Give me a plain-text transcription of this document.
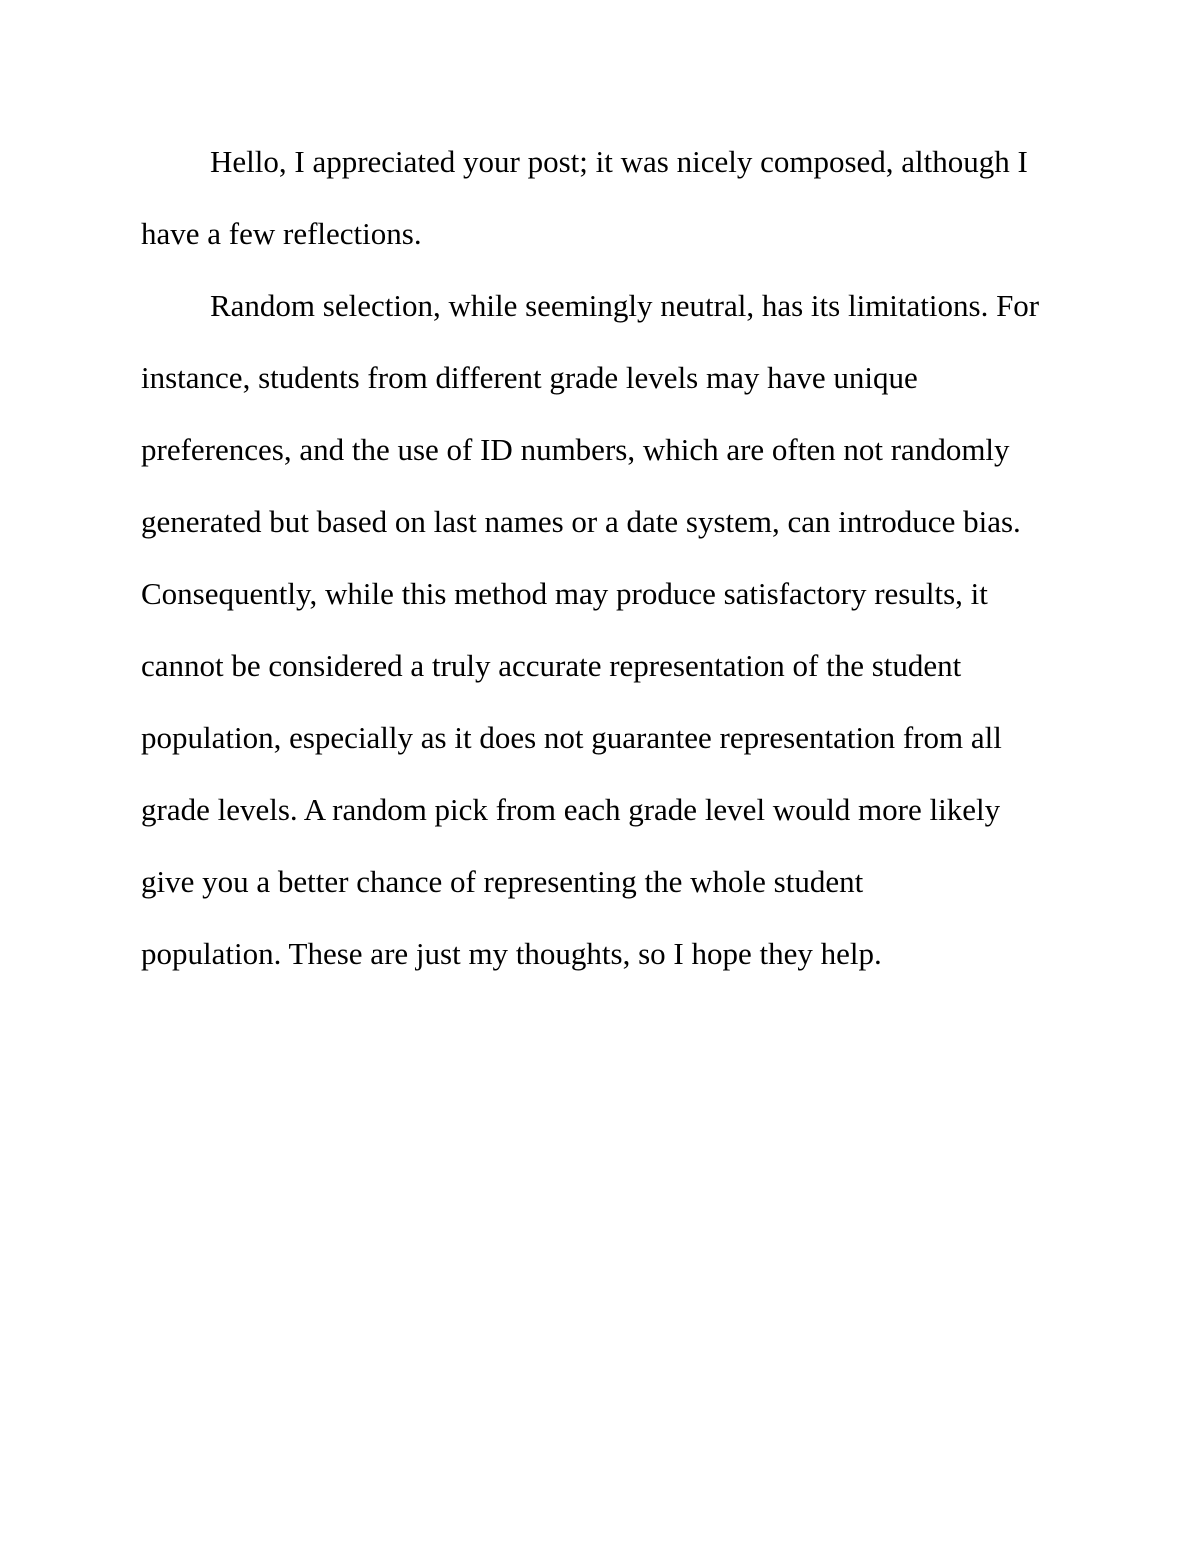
Hello, I appreciated your post; it was nicely composed, although I
have a few reflections.
Random selection, while seemingly neutral, has its limitations. For
instance, students from different grade levels may have unique
preferences, and the use of ID numbers, which are often not randomly
generated but based on last names or a date system, can introduce bias.
Consequently, while this method may produce satisfactory results, it
cannot be considered a truly accurate representation of the student
population, especially as it does not guarantee representation from all
grade levels. A random pick from each grade level would more likely
give you a better chance of representing the whole student
population. These are just my thoughts, so I hope they help.
